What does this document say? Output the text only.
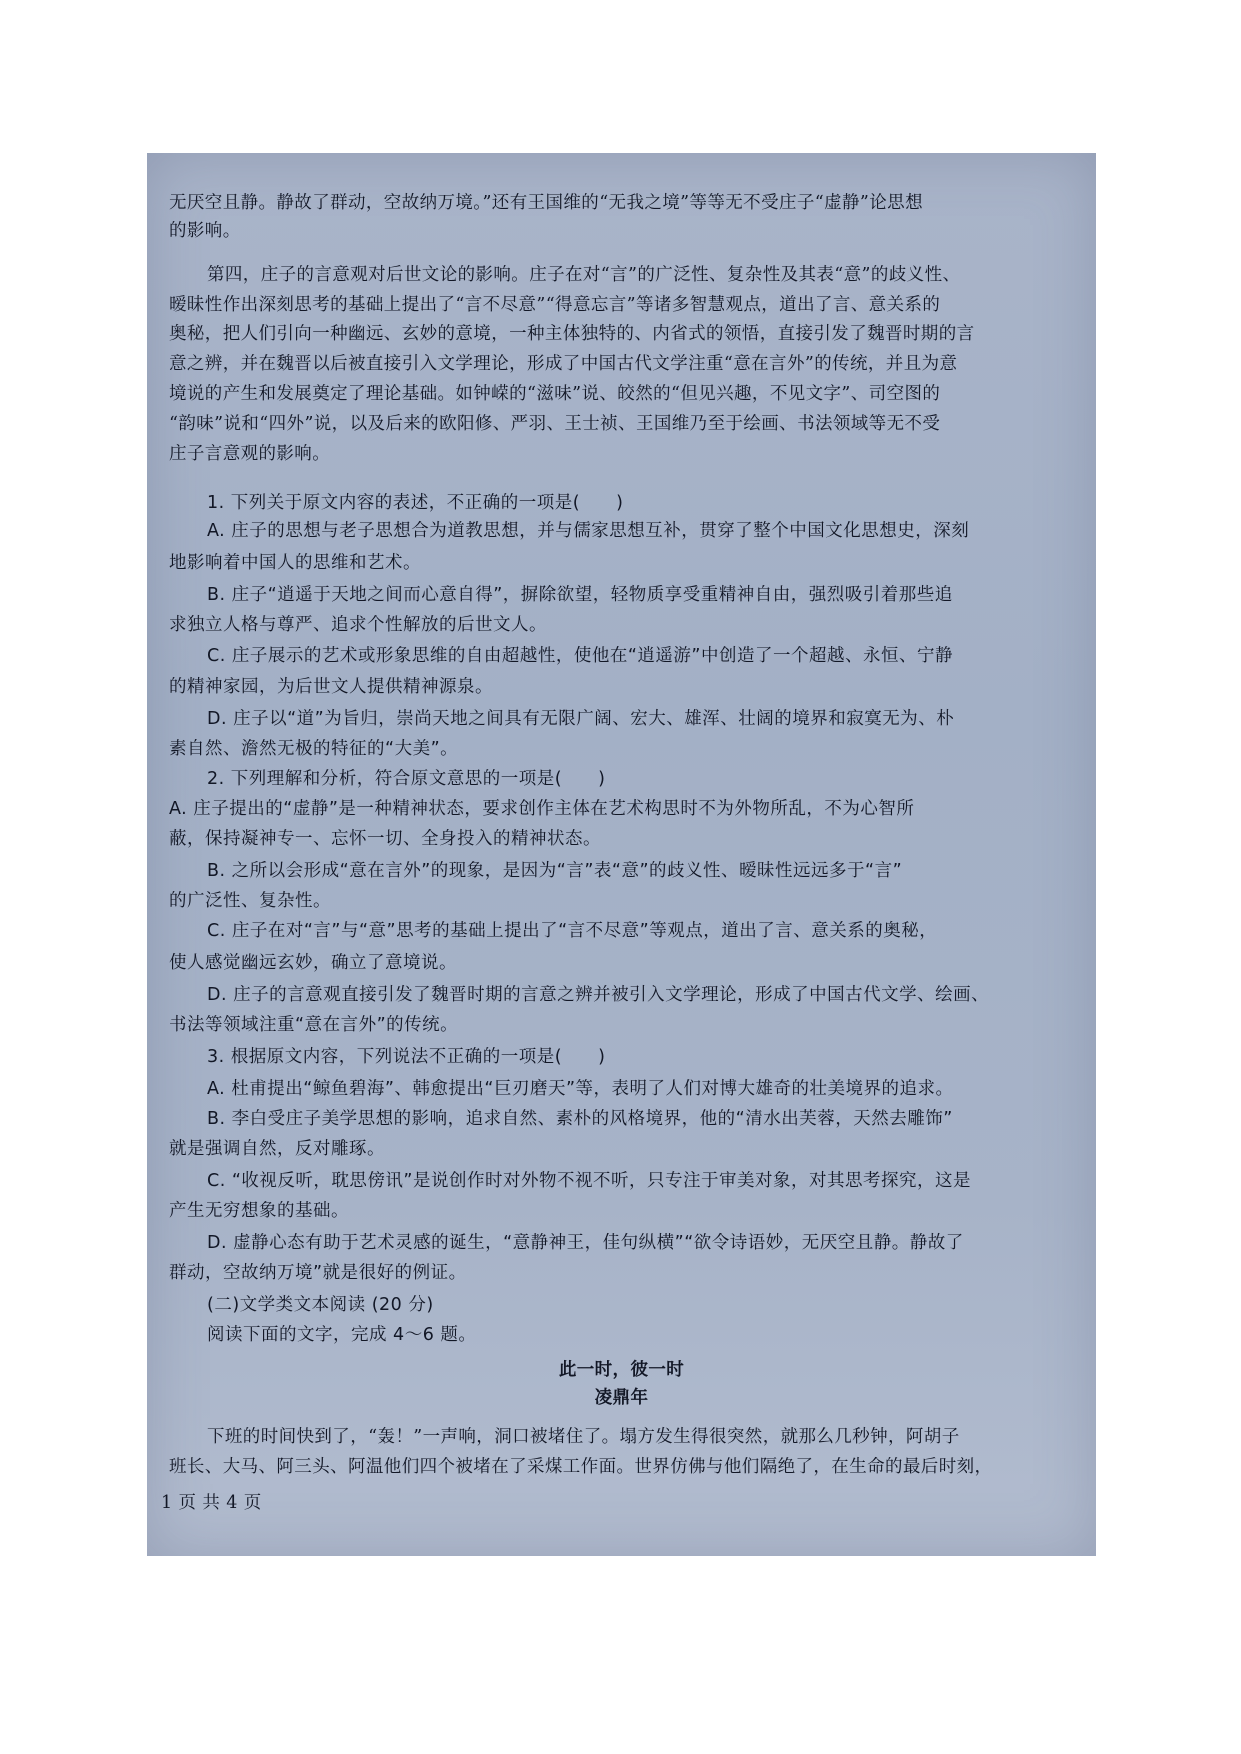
无厌空且静。静故了群动，空故纳万境。”还有王国维的“无我之境”等等无不受庄子“虚静”论思想

的影响。

第四，庄子的言意观对后世文论的影响。庄子在对“言”的广泛性、复杂性及其表“意”的歧义性、

暧昧性作出深刻思考的基础上提出了“言不尽意”“得意忘言”等诸多智慧观点，道出了言、意关系的

奥秘，把人们引向一种幽远、玄妙的意境，一种主体独特的、内省式的领悟，直接引发了魏晋时期的言

意之辨，并在魏晋以后被直接引入文学理论，形成了中国古代文学注重“意在言外”的传统，并且为意

境说的产生和发展奠定了理论基础。如钟嵘的“滋味”说、皎然的“但见兴趣，不见文字”、司空图的

“韵味”说和“四外”说，以及后来的欧阳修、严羽、王士祯、王国维乃至于绘画、书法领域等无不受

庄子言意观的影响。

1. 下列关于原文内容的表述，不正确的一项是(　　)

A. 庄子的思想与老子思想合为道教思想，并与儒家思想互补，贯穿了整个中国文化思想史，深刻

地影响着中国人的思维和艺术。

B. 庄子“逍遥于天地之间而心意自得”，摒除欲望，轻物质享受重精神自由，强烈吸引着那些追

求独立人格与尊严、追求个性解放的后世文人。

C. 庄子展示的艺术或形象思维的自由超越性，使他在“逍遥游”中创造了一个超越、永恒、宁静

的精神家园，为后世文人提供精神源泉。

D. 庄子以“道”为旨归，崇尚天地之间具有无限广阔、宏大、雄浑、壮阔的境界和寂寞无为、朴

素自然、澹然无极的特征的“大美”。

2. 下列理解和分析，符合原文意思的一项是(　　)

A. 庄子提出的“虚静”是一种精神状态，要求创作主体在艺术构思时不为外物所乱，不为心智所

蔽，保持凝神专一、忘怀一切、全身投入的精神状态。

B. 之所以会形成“意在言外”的现象，是因为“言”表“意”的歧义性、暧昧性远远多于“言”

的广泛性、复杂性。

C. 庄子在对“言”与“意”思考的基础上提出了“言不尽意”等观点，道出了言、意关系的奥秘，

使人感觉幽远玄妙，确立了意境说。

D. 庄子的言意观直接引发了魏晋时期的言意之辨并被引入文学理论，形成了中国古代文学、绘画、

书法等领域注重“意在言外”的传统。

3. 根据原文内容，下列说法不正确的一项是(　　)

A. 杜甫提出“鲸鱼碧海”、韩愈提出“巨刃磨天”等，表明了人们对博大雄奇的壮美境界的追求。

B. 李白受庄子美学思想的影响，追求自然、素朴的风格境界，他的“清水出芙蓉，天然去雕饰”

就是强调自然，反对雕琢。

C. “收视反听，耽思傍讯”是说创作时对外物不视不听，只专注于审美对象，对其思考探究，这是

产生无穷想象的基础。

D. 虚静心态有助于艺术灵感的诞生，“意静神王，佳句纵横”“欲令诗语妙，无厌空且静。静故了

群动，空故纳万境”就是很好的例证。

(二)文学类文本阅读 (20 分)

阅读下面的文字，完成 4～6 题。

此一时，彼一时

凌鼎年

下班的时间快到了，“轰！”一声响，洞口被堵住了。塌方发生得很突然，就那么几秒钟，阿胡子

班长、大马、阿三头、阿温他们四个被堵在了采煤工作面。世界仿佛与他们隔绝了，在生命的最后时刻，

1 页 共 4 页
